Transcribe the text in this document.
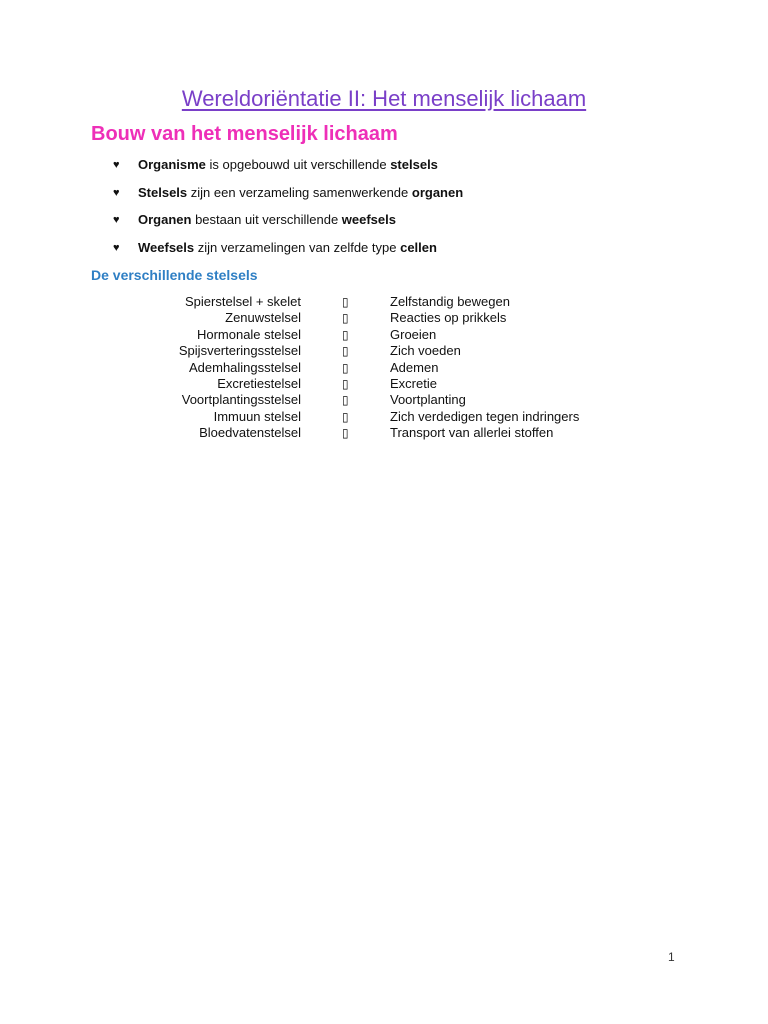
Wereldoriëntatie II: Het menselijk lichaam
Bouw van het menselijk lichaam
♥	Organisme is opgebouwd uit verschillende stelsels
♥	Stelsels zijn een verzameling samenwerkende organen
♥	Organen bestaan uit verschillende weefsels
♥	Weefsels zijn verzamelingen van zelfde type cellen
De verschillende stelsels
Spierstelsel + skelet	▯	Zelfstandig bewegen
Zenuwstelsel	▯	Reacties op prikkels
Hormonale stelsel	▯	Groeien
Spijsverteringsstelsel	▯	Zich voeden
Ademhalingsstelsel	▯	Ademen
Excretiestelsel	▯	Excretie
Voortplantingsstelsel	▯	Voortplanting
Immuun stelsel	▯	Zich verdedigen tegen indringers
Bloedvatenstelsel	▯	Transport van allerlei stoffen
1
